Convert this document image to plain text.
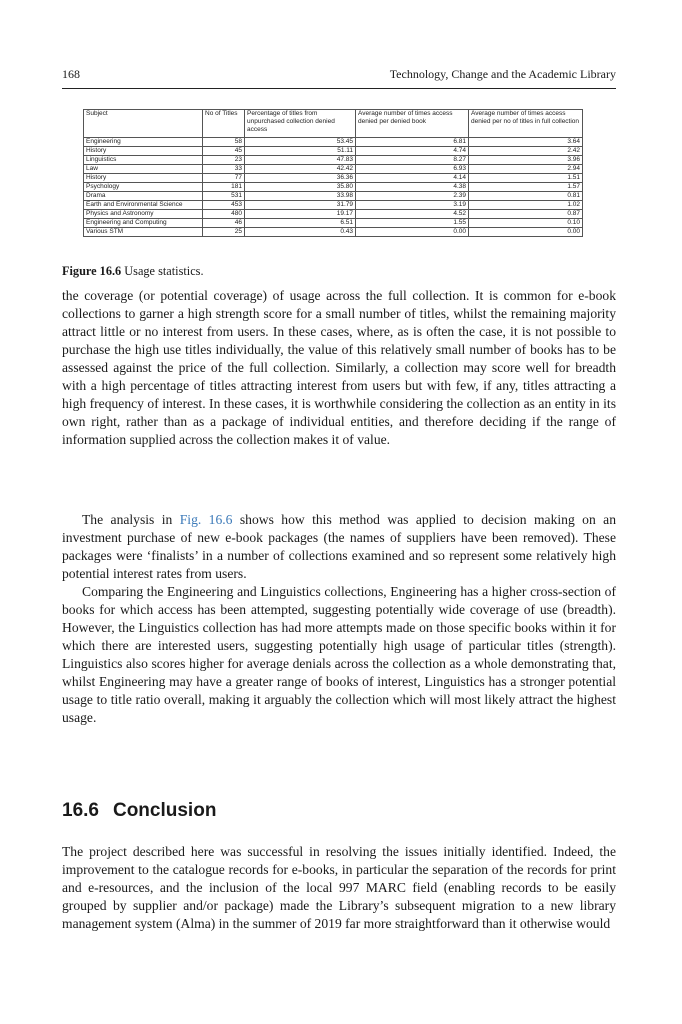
168	Technology, Change and the Academic Library
Subject	No of Titles	Percentage of titles from unpurchased collection denied access	Average number of times access denied per denied book	Average number of times access denied per no of titles in full collection
Engineering	58	53.45	6.81	3.64
History	45	51.11	4.74	2.42
Linguistics	23	47.83	8.27	3.96
Law	33	42.42	6.93	2.94
History	77	36.36	4.14	1.51
Psychology	181	35.80	4.38	1.57
Drama	531	33.98	2.39	0.81
Earth and Environmental Science	453	31.79	3.19	1.02
Physics and Astronomy	480	19.17	4.52	0.87
Engineering and Computing	46	6.51	1.55	0.10
Various STM	25	0.43	0.00	0.00
Figure 16.6 Usage statistics.

the coverage (or potential coverage) of usage across the full collection. It is common for e-book collections to garner a high strength score for a small number of titles, whilst the remaining majority attract little or no interest from users. In these cases, where, as is often the case, it is not possible to purchase the high use titles individually, the value of this relatively small number of books has to be assessed against the price of the full collection. Similarly, a collection may score well for breadth with a high percentage of titles attracting interest from users but with few, if any, titles attracting a high frequency of interest. In these cases, it is worthwhile considering the collection as an entity in its own right, rather than as a package of individual entities, and therefore deciding if the range of information supplied across the collection makes it of value.

The analysis in Fig. 16.6 shows how this method was applied to decision making on an investment purchase of new e-book packages (the names of suppliers have been removed). These packages were ‘finalists’ in a number of collections examined and so represent some relatively high potential interest rates from users.

Comparing the Engineering and Linguistics collections, Engineering has a higher cross-section of books for which access has been attempted, suggesting potentially wide coverage of use (breadth). However, the Linguistics collection has had more attempts made on those specific books within it for which there are interested users, suggesting potentially high usage of particular titles (strength). Linguistics also scores higher for average denials across the collection as a whole demonstrating that, whilst Engineering may have a greater range of books of interest, Linguistics has a stronger potential usage to title ratio overall, making it arguably the collection which will most likely attract the highest usage.

16.6 Conclusion

The project described here was successful in resolving the issues initially identified. Indeed, the improvement to the catalogue records for e-books, in particular the separation of the records for print and e-resources, and the inclusion of the local 997 MARC field (enabling records to be easily grouped by supplier and/or package) made the Library’s subsequent migration to a new library management system (Alma) in the summer of 2019 far more straightforward than it otherwise would
